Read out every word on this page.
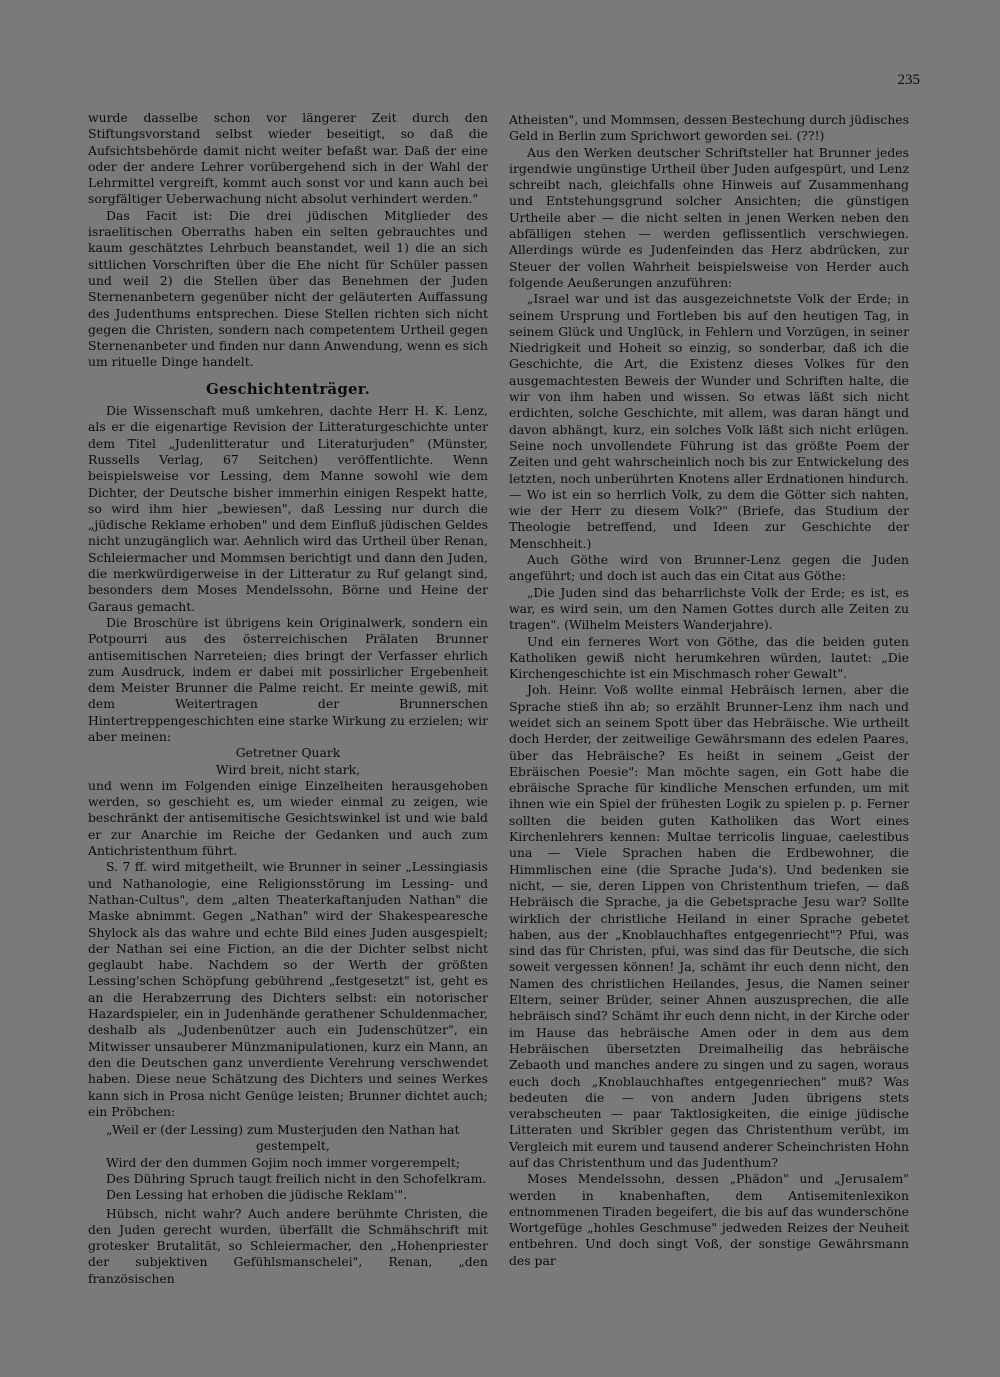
235

wurde dasselbe schon vor längerer Zeit durch den Stiftungsvorstand selbst wieder beseitigt, so daß die Aufsichtsbehörde damit nicht weiter befaßt war. Daß der eine oder der andere Lehrer vorübergehend sich in der Wahl der Lehrmittel vergreift, kommt auch sonst vor und kann auch bei sorgfältiger Ueberwachung nicht absolut verhindert werden."

Das Facit ist: Die drei jüdischen Mitglieder des israelitischen Oberraths haben ein selten gebrauchtes und kaum geschätztes Lehrbuch beanstandet, weil 1) die an sich sittlichen Vorschriften über die Ehe nicht für Schüler passen und weil 2) die Stellen über das Benehmen der Juden Sternenanbetern gegenüber nicht der geläuterten Auffassung des Judenthums entsprechen. Diese Stellen richten sich nicht gegen die Christen, sondern nach competentem Urtheil gegen Sternenanbeter und finden nur dann Anwendung, wenn es sich um rituelle Dinge handelt.

Geschichtenträger.

Die Wissenschaft muß umkehren, dachte Herr H. K. Lenz, als er die eigenartige Revision der Litteraturgeschichte unter dem Titel „Judenlitteratur und Literaturjuden" (Münster, Russells Verlag, 67 Seitchen) veröffentlichte. Wenn beispielsweise vor Lessing, dem Manne sowohl wie dem Dichter, der Deutsche bisher immerhin einigen Respekt hatte, so wird ihm hier „bewiesen", daß Lessing nur durch die „jüdische Reklame erhoben" und dem Einfluß jüdischen Geldes nicht unzugänglich war. Aehnlich wird das Urtheil über Renan, Schleiermacher und Mommsen berichtigt und dann den Juden, die merkwürdigerweise in der Litteratur zu Ruf gelangt sind, besonders dem Moses Mendelssohn, Börne und Heine der Garaus gemacht.

Die Broschüre ist übrigens kein Originalwerk, sondern ein Potpourri aus des österreichischen Prälaten Brunner antisemitischen Narreteien; dies bringt der Verfasser ehrlich zum Ausdruck, indem er dabei mit possirlicher Ergebenheit dem Meister Brunner die Palme reicht. Er meinte gewiß, mit dem Weitertragen der Brunnerschen Hintertreppengeschichten eine starke Wirkung zu erzielen; wir aber meinen:

Getretner Quark
Wird breit, nicht stark,

und wenn im Folgenden einige Einzelheiten herausgehoben werden, so geschieht es, um wieder einmal zu zeigen, wie beschränkt der antisemitische Gesichtswinkel ist und wie bald er zur Anarchie im Reiche der Gedanken und auch zum Antichristenthum führt.

S. 7 ff. wird mitgetheilt, wie Brunner in seiner „Lessingiasis und Nathanologie, eine Religionsstörung im Lessing- und Nathan-Cultus", dem „alten Theaterkaftanjuden Nathan" die Maske abnimmt. Gegen „Nathan" wird der Shakespearesche Shylock als das wahre und echte Bild eines Juden ausgespielt; der Nathan sei eine Fiction, an die der Dichter selbst nicht geglaubt habe. Nachdem so der Werth der größten Lessing'schen Schöpfung gebührend „festgesetzt" ist, geht es an die Herabzerrung des Dichters selbst: ein notorischer Hazardspieler, ein in Judenhände gerathener Schuldenmacher, deshalb als „Judenbenützer auch ein Judenschützer", ein Mitwisser unsauberer Münzmanipulationen, kurz ein Mann, an den die Deutschen ganz unverdiente Verehrung verschwendet haben. Diese neue Schätzung des Dichters und seines Werkes kann sich in Prosa nicht Genüge leisten; Brunner dichtet auch; ein Pröbchen:

„Weil er (der Lessing) zum Musterjuden den Nathan hat
gestempelt,
Wird der den dummen Gojim noch immer vorgerempelt;
Des Dühring Spruch taugt freilich nicht in den Schofelkram.
Den Lessing hat erhoben die jüdische Reklam'".

Hübsch, nicht wahr? Auch andere berühmte Christen, die den Juden gerecht wurden, überfällt die Schmähschrift mit grotesker Brutalität, so Schleiermacher, den „Hohenpriester der subjektiven Gefühlsmanschelei", Renan, „den französischen

Atheisten", und Mommsen, dessen Bestechung durch jüdisches Geld in Berlin zum Sprichwort geworden sei. (??!)

Aus den Werken deutscher Schriftsteller hat Brunner jedes irgendwie ungünstige Urtheil über Juden aufgespürt, und Lenz schreibt nach, gleichfalls ohne Hinweis auf Zusammenhang und Entstehungsgrund solcher Ansichten; die günstigen Urtheile aber — die nicht selten in jenen Werken neben den abfälligen stehen — werden geflissentlich verschwiegen. Allerdings würde es Judenfeinden das Herz abdrücken, zur Steuer der vollen Wahrheit beispielsweise von Herder auch folgende Aeußerungen anzuführen:

„Israel war und ist das ausgezeichnetste Volk der Erde; in seinem Ursprung und Fortleben bis auf den heutigen Tag, in seinem Glück und Unglück, in Fehlern und Vorzügen, in seiner Niedrigkeit und Hoheit so einzig, so sonderbar, daß ich die Geschichte, die Art, die Existenz dieses Volkes für den ausgemachtesten Beweis der Wunder und Schriften halte, die wir von ihm haben und wissen. So etwas läßt sich nicht erdichten, solche Geschichte, mit allem, was daran hängt und davon abhängt, kurz, ein solches Volk läßt sich nicht erlügen. Seine noch unvollendete Führung ist das größte Poem der Zeiten und geht wahrscheinlich noch bis zur Entwickelung des letzten, noch unberührten Knotens aller Erdnationen hindurch. — Wo ist ein so herrlich Volk, zu dem die Götter sich nahten, wie der Herr zu diesem Volk?" (Briefe, das Studium der Theologie betreffend, und Ideen zur Geschichte der Menschheit.)

Auch Göthe wird von Brunner-Lenz gegen die Juden angeführt; und doch ist auch das ein Citat aus Göthe:

„Die Juden sind das beharrlichste Volk der Erde; es ist, es war, es wird sein, um den Namen Gottes durch alle Zeiten zu tragen". (Wilhelm Meisters Wanderjahre).

Und ein ferneres Wort von Göthe, das die beiden guten Katholiken gewiß nicht herumkehren würden, lautet: „Die Kirchengeschichte ist ein Mischmasch roher Gewalt".

Joh. Heinr. Voß wollte einmal Hebräisch lernen, aber die Sprache stieß ihn ab; so erzählt Brunner-Lenz ihm nach und weidet sich an seinem Spott über das Hebräische. Wie urtheilt doch Herder, der zeitweilige Gewährsmann des edelen Paares, über das Hebräische? Es heißt in seinem „Geist der Ebräischen Poesie": Man möchte sagen, ein Gott habe die ebräische Sprache für kindliche Menschen erfunden, um mit ihnen wie ein Spiel der frühesten Logik zu spielen p. p. Ferner sollten die beiden guten Katholiken das Wort eines Kirchenlehrers kennen: Multae terricolis linguae, caelestibus una — Viele Sprachen haben die Erdbewohner, die Himmlischen eine (die Sprache Juda's). Und bedenken sie nicht, — sie, deren Lippen von Christenthum triefen, — daß Hebräisch die Sprache, ja die Gebetsprache Jesu war? Sollte wirklich der christliche Heiland in einer Sprache gebetet haben, aus der „Knoblauchhaftes entgegenriecht"? Pfui, was sind das für Christen, pfui, was sind das für Deutsche, die sich soweit vergessen können! Ja, schämt ihr euch denn nicht, den Namen des christlichen Heilandes, Jesus, die Namen seiner Eltern, seiner Brüder, seiner Ahnen auszusprechen, die alle hebräisch sind? Schämt ihr euch denn nicht, in der Kirche oder im Hause das hebräische Amen oder in dem aus dem Hebräischen übersetzten Dreimalheilig das hebräische Zebaoth und manches andere zu singen und zu sagen, woraus euch doch „Knoblauchhaftes entgegenriechen" muß? Was bedeuten die — von andern Juden übrigens stets verabscheuten — paar Taktlosigkeiten, die einige jüdische Litteraten und Skribler gegen das Christenthum verübt, im Vergleich mit eurem und tausend anderer Scheinchristen Hohn auf das Christenthum und das Judenthum?

Moses Mendelssohn, dessen „Phädon" und „Jerusalem" werden in knabenhaften, dem Antisemitenlexikon entnommenen Tiraden begeifert, die bis auf das wunderschöne Wortgefüge „hohles Geschmuse" jedweden Reizes der Neuheit entbehren. Und doch singt Voß, der sonstige Gewährsmann des par
